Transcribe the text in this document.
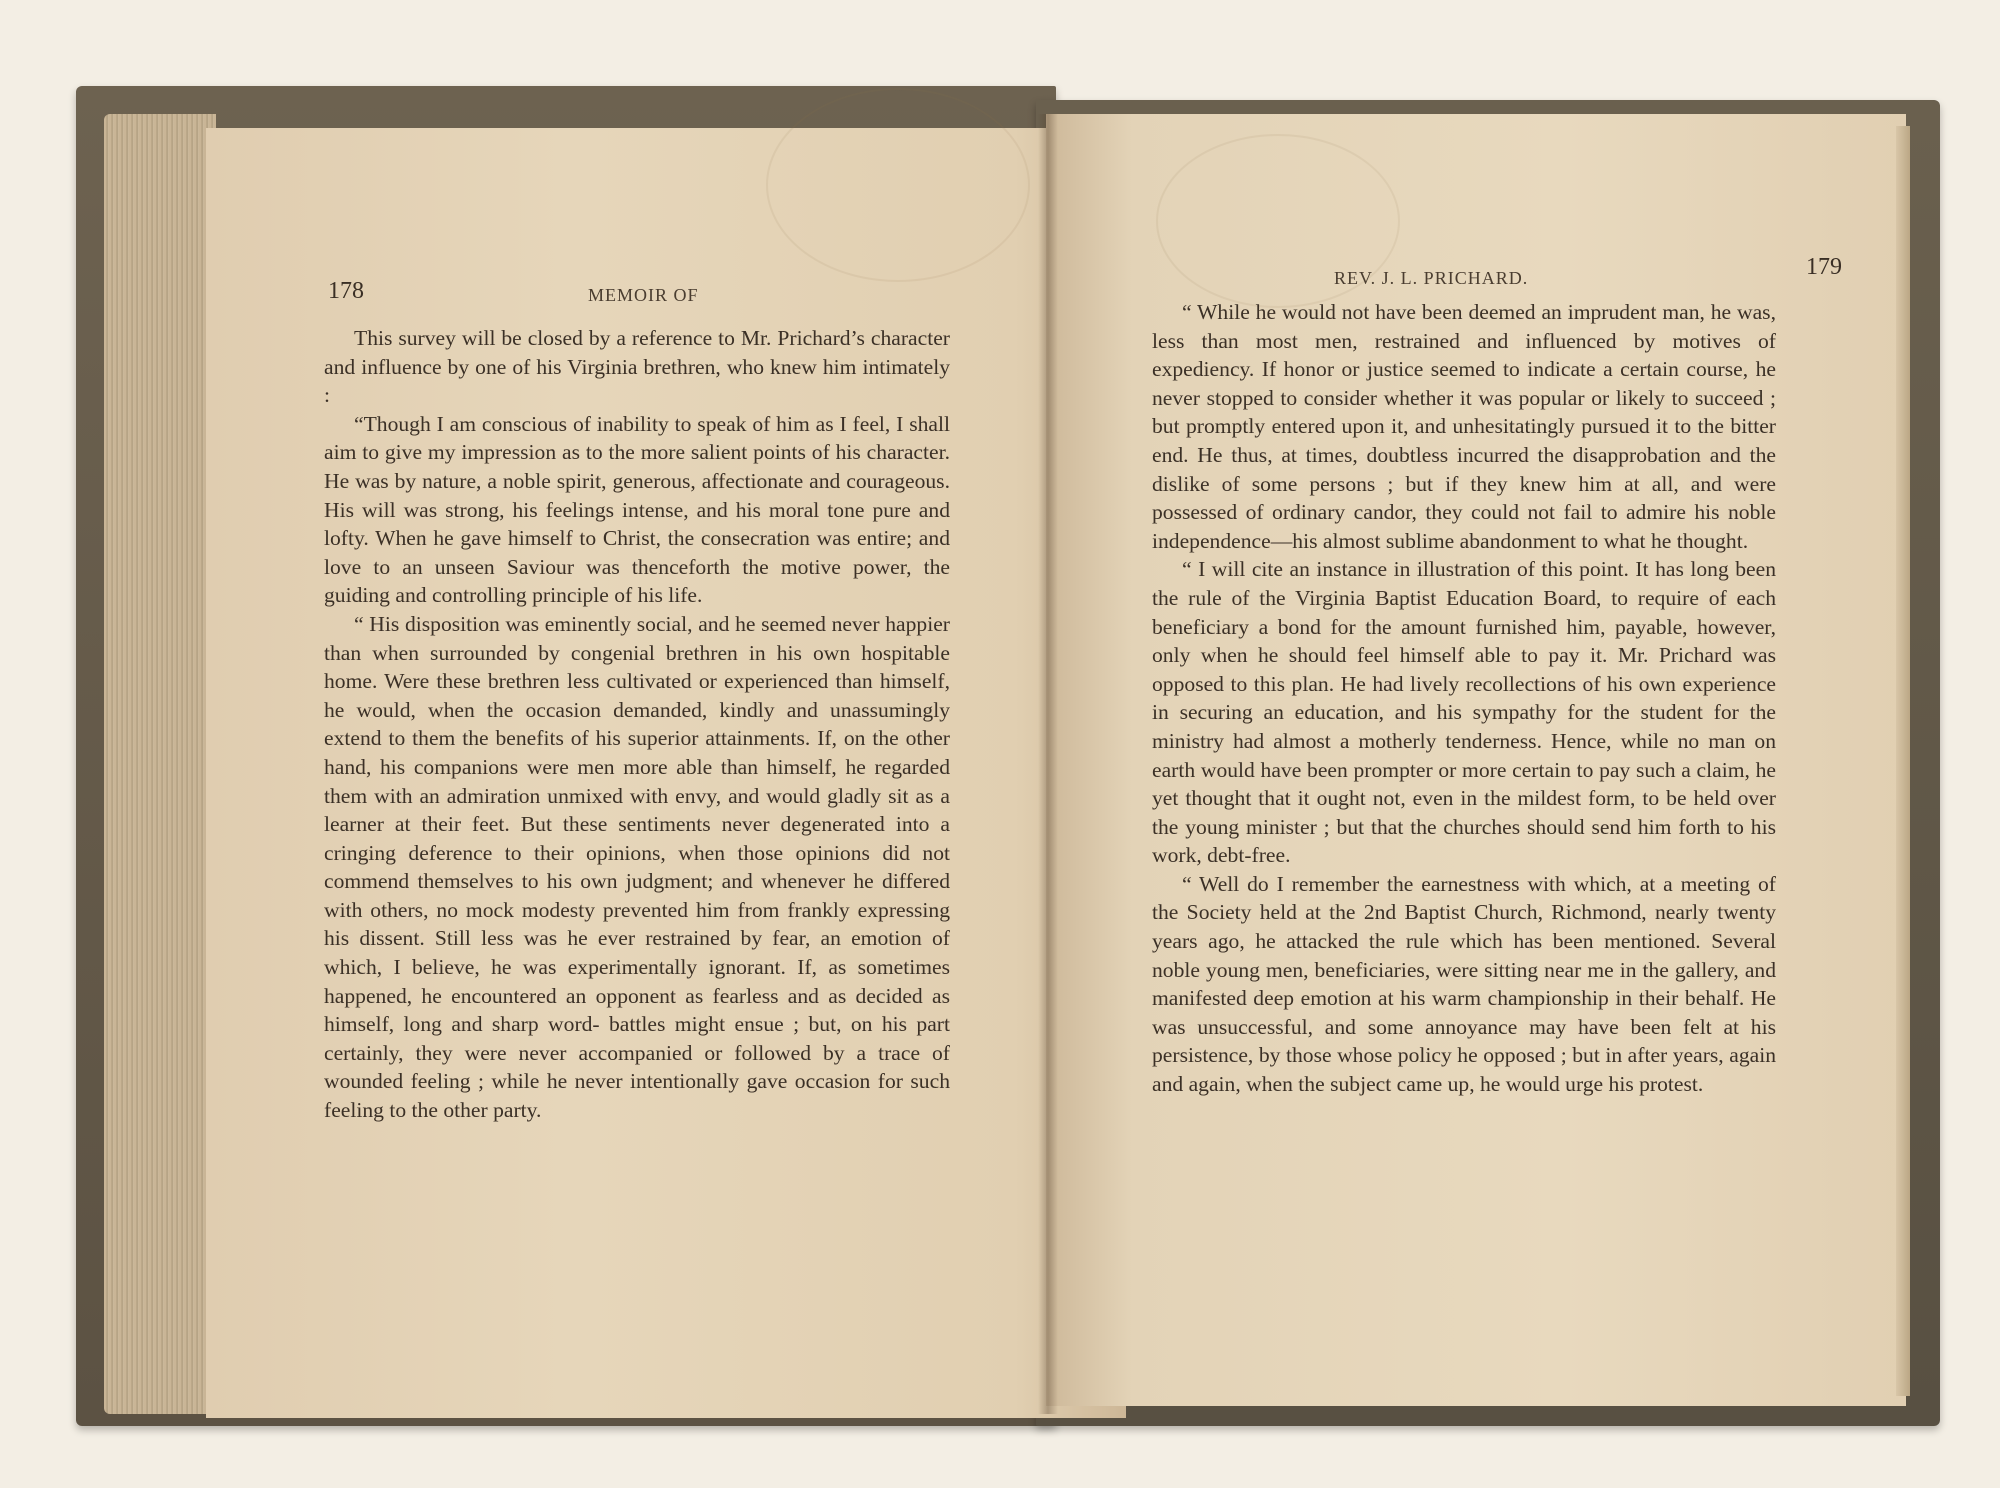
178	MEMOIR OF

This survey will be closed by a reference to Mr. Prichard’s character and influence by one of his Virginia brethren, who knew him intimately :

“Though I am conscious of inability to speak of him as I feel, I shall aim to give my impression as to the more salient points of his character. He was by nature, a noble spirit, generous, affectionate and courageous. His will was strong, his feelings intense, and his moral tone pure and lofty. When he gave himself to Christ, the consecration was entire; and love to an unseen Saviour was thenceforth the motive power, the guiding and controlling principle of his life.

“ His disposition was eminently social, and he seemed never happier than when surrounded by congenial brethren in his own hospitable home. Were these brethren less cultivated or experienced than himself, he would, when the occasion demanded, kindly and unassumingly extend to them the benefits of his superior attainments. If, on the other hand, his companions were men more able than himself, he regarded them with an admiration unmixed with envy, and would gladly sit as a learner at their feet. But these sentiments never degenerated into a cringing deference to their opinions, when those opinions did not commend themselves to his own judgment; and whenever he differed with others, no mock modesty prevented him from frankly expressing his dissent. Still less was he ever restrained by fear, an emotion of which, I believe, he was experimentally ignorant. If, as sometimes happened, he encountered an opponent as fearless and as decided as himself, long and sharp word- battles might ensue ; but, on his part certainly, they were never accompanied or followed by a trace of wounded feeling ; while he never intentionally gave occasion for such feeling to the other party.

REV. J. L. PRICHARD.	179

“ While he would not have been deemed an imprudent man, he was, less than most men, restrained and influenced by motives of expediency. If honor or justice seemed to indicate a certain course, he never stopped to consider whether it was popular or likely to succeed ; but promptly entered upon it, and unhesitatingly pursued it to the bitter end. He thus, at times, doubtless incurred the disapprobation and the dislike of some persons ; but if they knew him at all, and were possessed of ordinary candor, they could not fail to admire his noble independence—his almost sublime abandonment to what he thought.

“ I will cite an instance in illustration of this point. It has long been the rule of the Virginia Baptist Education Board, to require of each beneficiary a bond for the amount furnished him, payable, however, only when he should feel himself able to pay it. Mr. Prichard was opposed to this plan. He had lively recollections of his own experience in securing an education, and his sympathy for the student for the ministry had almost a motherly tenderness. Hence, while no man on earth would have been prompter or more certain to pay such a claim, he yet thought that it ought not, even in the mildest form, to be held over the young minister ; but that the churches should send him forth to his work, debt-free.

“ Well do I remember the earnestness with which, at a meeting of the Society held at the 2nd Baptist Church, Richmond, nearly twenty years ago, he attacked the rule which has been mentioned. Several noble young men, beneficiaries, were sitting near me in the gallery, and manifested deep emotion at his warm championship in their behalf. He was unsuccessful, and some annoyance may have been felt at his persistence, by those whose policy he opposed ; but in after years, again and again, when the subject came up, he would urge his protest.
